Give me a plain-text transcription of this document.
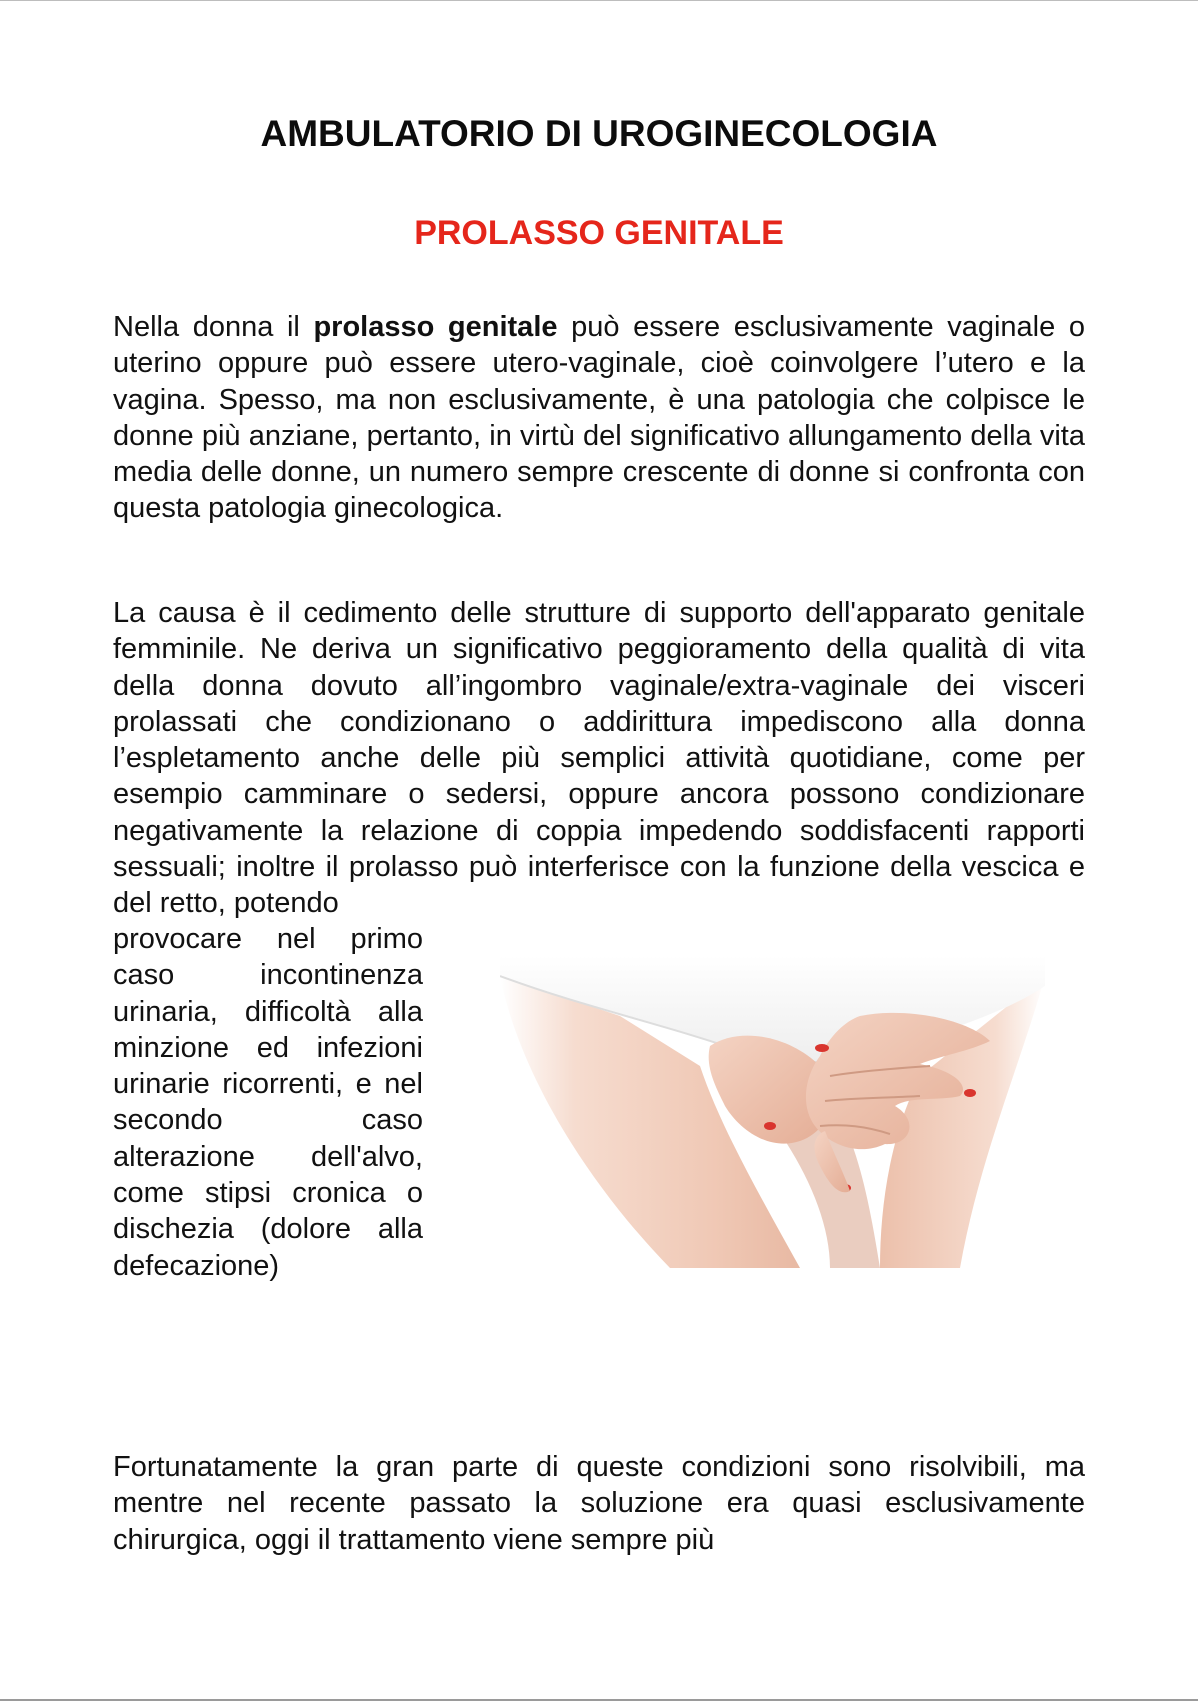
AMBULATORIO DI UROGINECOLOGIA
PROLASSO GENITALE

Nella donna il prolasso genitale può essere esclusivamente vaginale o uterino oppure può essere utero-vaginale, cioè coinvolgere l’utero e la vagina. Spesso, ma non esclusivamente, è una patologia che colpisce le donne più anziane, pertanto, in virtù del significativo allungamento della vita media delle donne, un numero sempre crescente di donne si confronta con questa patologia ginecologica.

La causa è il cedimento delle strutture di supporto dell'apparato genitale femminile. Ne deriva un significativo peggioramento della qualità di vita della donna dovuto all’ingombro vaginale/extra-vaginale dei visceri prolassati che condizionano o addirittura impediscono alla donna l’espletamento anche delle più semplici attività quotidiane, come per esempio camminare o sedersi, oppure ancora possono condizionare negativamente la relazione di coppia impedendo soddisfacenti rapporti sessuali; inoltre il prolasso può interferisce con la funzione della vescica e del retto, potendo

provocare nel primo caso incontinenza urinaria, difficoltà alla minzione ed infezioni urinarie ricorrenti, e nel secondo caso alterazione dell'alvo, come stipsi cronica o dischezia (dolore alla defecazione)

Fortunatamente la gran parte di queste condizioni sono risolvibili, ma mentre nel recente passato la soluzione era quasi esclusivamente chirurgica, oggi il trattamento viene sempre più
